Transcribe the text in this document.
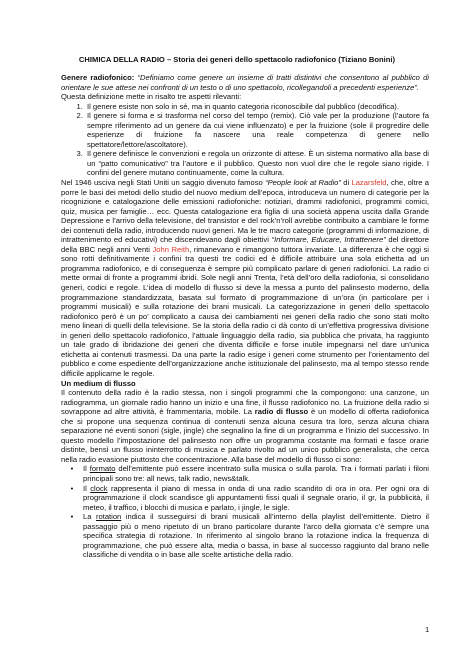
CHIMICA DELLA RADIO – Storia dei generi dello spettacolo radiofonico (Tiziano Bonini)

Genere radiofonico: “Definiamo come genere un insieme di tratti distintivi che consentono al pubblico di orientare le sue attese nei confronti di un testo o di uno spettacolo, ricollegandoli a precedenti esperienze”.

Questa definizione mette in risalto tre aspetti rilevanti:

1. Il genere esiste non solo in sé, ma in quanto categoria riconoscibile dal pubblico (decodifica).
2. Il genere si forma e si trasforma nel corso del tempo (remix). Ciò vale per la produzione (l’autore fa sempre riferimento ad un genere da cui viene influenzato) e per la fruizione (sole il progredire delle esperienze di fruizione fa nascere una reale competenza di genere nello spettatore/lettore/ascoltatore).
3. Il genere definisce le convenzioni e regola un orizzonte di attese. È un sistema normativo alla base di un “patto comunicativo” tra l’autore e il pubblico. Questo non vuol dire che le regole siano rigide. I confini del genere mutano continuamente, come la cultura.

Nel 1946 usciva negli Stati Uniti un saggio divenuto famoso “People look at Radio” di Lazarsfeld, che, oltre a porre le basi dei metodi dello studio del nuovo medium dell’epoca, introduceva un numero di categorie per la ricognizione e catalogazione delle emissioni radiofoniche: notiziari, drammi radiofonici, programmi comici, quiz, musica per famiglie… ecc. Questa catalogazione era figlia di una società appena uscita dalla Grande Depressione e l’arrivo della televisione, del transistor e del rock’n’roll avrebbe contribuito a cambiare le forme dei contenuti della radio, introducendo nuovi generi. Ma le tre macro categorie (programmi di informazione, di intrattenimento ed educativi) che discendevano dagli obiettivi “Informare, Educare, Intrattenere” del direttore della BBC negli anni Venti John Reith, rimanevano e rimangono tuttora invariate. La differenza è che oggi si sono rotti definitivamente i confini tra questi tre codici ed è difficile attribuire una sola etichetta ad un programma radiofonico, e di conseguenza è sempre più complicato parlare di generi radiofonici. La radio ci mette ormai di fronte a programmi ibridi. Sole negli anni Trenta, l’età dell’oro della radiofonia, si consolidano generi, codici e regole. L’idea di modello di flusso si deve la messa a punto del palinsesto moderno, della programmazione standardizzata, basata sul formato di programmazione di un’ora (in particolare per i programmi musicali) e sulla rotazione dei brani musicali. La categorizzazione in generi dello spettacolo radiofonico però è un po’ complicato a causa dei cambiamenti nei generi della radio che sono stati molto meno lineari di quelli della televisione. Se la storia della radio ci dà conto di un’effettiva progressiva divisione in generi dello spettacolo radiofonico, l’attuale linguaggio della radio, sia pubblica che privata, ha raggiunto un tale grado di ibridazione dei generi che diventa difficile e forse inutile impegnarsi nel dare un’unica etichetta ai contenuti trasmessi. Da una parte la radio esige i generi come strumento per l’orientamento del pubblico e come espediente dell’organizzazione anche istituzionale del palinsesto, ma al tempo stesso rende difficile applicarne le regole.

Un medium di flusso

Il contenuto della radio è la radio stessa, non i singoli programmi che la compongono: una canzone, un radiogramma, un giornale radio hanno un inizio e una fine, il flusso radiofonico no. La fruizione della radio si sovrappone ad altre attività, è frammentaria, mobile. La radio di flusso è un modello di offerta radiofonica che si propone una sequenza continua di contenuti senza alcuna cesura tra loro, senza alcuna chiara separazione né eventi sonori (sigle, jingle) che segnalino la fine di un programma e l’inizio del successivo. In questo modello l’impostazione del palinsesto non offre un programma costante ma formati e fasce orarie distinte, bensì un flusso ininterrotto di musica e parlato rivolto ad un unico pubblico generalista, che cerca nella radio evasione piuttosto che concentrazione. Alla base del modello di flusso ci sono:

•	Il formato dell’emittente può essere incentrato sulla musica o sulla parola. Tra i formati parlati i filoni principali sono tre: all news, talk radio, news&talk.
•	Il clock rappresenta il piano di messa in onda di una radio scandito di ora in ora. Per ogni ora di programmazione il clock scandisce gli appuntamenti fissi quali il segnale orario, il gr, la pubblicità, il meteo, il traffico, i blocchi di musica e parlato, i jingle, le sigle.
•	La rotation indica il susseguirsi di brani musicali all’interno della playlist dell’emittente. Dietro il passaggio più o meno ripetuto di un brano particolare durante l’arco della giornata c’è sempre una specifica strategia di rotazione. In riferimento al singolo brano la rotazione indica la frequenza di programmazione, che può essere alta, media o bassa, in base al successo raggiunto dal brano nelle classifiche di vendita o in base alle scelte artistiche della radio.
1
